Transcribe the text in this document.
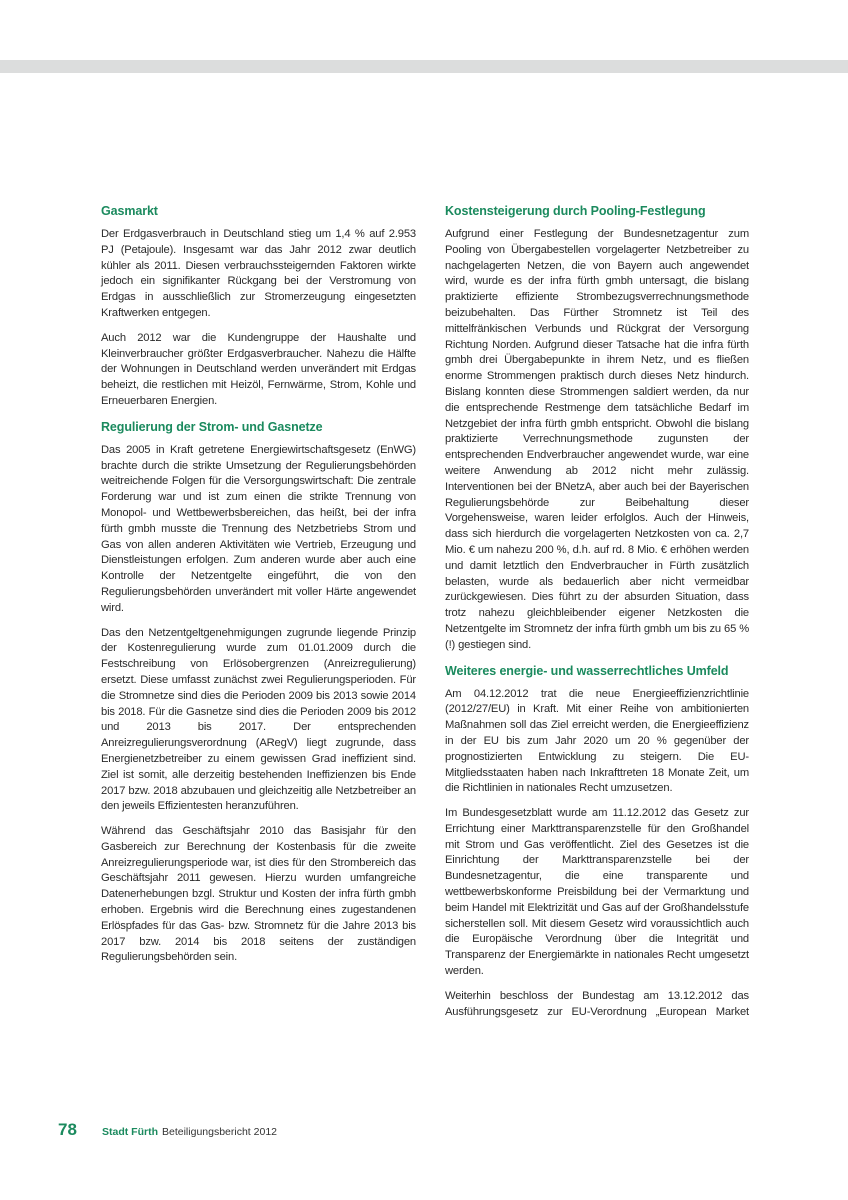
Gasmarkt

Der Erdgasverbrauch in Deutschland stieg um 1,4 % auf 2.953 PJ (Petajoule). Insgesamt war das Jahr 2012 zwar deutlich kühler als 2011. Diesen verbrauchssteigernden Faktoren wirkte jedoch ein signifikanter Rückgang bei der Verstromung von Erdgas in ausschließlich zur Stromerzeugung eingesetzten Kraftwerken entgegen.

Auch 2012 war die Kundengruppe der Haushalte und Kleinverbraucher größter Erdgasverbraucher. Nahezu die Hälfte der Wohnungen in Deutschland werden unverändert mit Erdgas beheizt, die restlichen mit Heizöl, Fernwärme, Strom, Kohle und Erneuerbaren Energien.

Regulierung der Strom- und Gasnetze

Das 2005 in Kraft getretene Energiewirtschaftsgesetz (EnWG) brachte durch die strikte Umsetzung der Regulierungsbehörden weitreichende Folgen für die Versorgungswirtschaft: Die zentrale Forderung war und ist zum einen die strikte Trennung von Monopol- und Wettbewerbsbereichen, das heißt, bei der infra fürth gmbh musste die Trennung des Netzbetriebs Strom und Gas von allen anderen Aktivitäten wie Vertrieb, Erzeugung und Dienstleistungen erfolgen. Zum anderen wurde aber auch eine Kontrolle der Netzentgelte eingeführt, die von den Regulierungsbehörden unverändert mit voller Härte angewendet wird.

Das den Netzentgeltgenehmigungen zugrunde liegende Prinzip der Kostenregulierung wurde zum 01.01.2009 durch die Festschreibung von Erlösobergrenzen (Anreizregulierung) ersetzt. Diese umfasst zunächst zwei Regulierungsperioden. Für die Stromnetze sind dies die Perioden 2009 bis 2013 sowie 2014 bis 2018. Für die Gasnetze sind dies die Perioden 2009 bis 2012 und 2013 bis 2017. Der entsprechenden Anreizregulierungsverordnung (ARegV) liegt zugrunde, dass Energienetzbetreiber zu einem gewissen Grad ineffizient sind. Ziel ist somit, alle derzeitig bestehenden Ineffizienzen bis Ende 2017 bzw. 2018 abzubauen und gleichzeitig alle Netzbetreiber an den jeweils Effizientesten heranzuführen.

Während das Geschäftsjahr 2010 das Basisjahr für den Gasbereich zur Berechnung der Kostenbasis für die zweite Anreizregulierungsperiode war, ist dies für den Strombereich das Geschäftsjahr 2011 gewesen. Hierzu wurden umfangreiche Datenerhebungen bzgl. Struktur und Kosten der infra fürth gmbh erhoben. Ergebnis wird die Berechnung eines zugestandenen Erlöspfades für das Gas- bzw. Stromnetz für die Jahre 2013 bis 2017 bzw. 2014 bis 2018 seitens der zuständigen Regulierungsbehörden sein.

Kostensteigerung durch Pooling-Festlegung

Aufgrund einer Festlegung der Bundesnetzagentur zum Pooling von Übergabestellen vorgelagerter Netzbetreiber zu nachgelagerten Netzen, die von Bayern auch angewendet wird, wurde es der infra fürth gmbh untersagt, die bislang praktizierte effiziente Strombezugsverrechnungsmethode beizubehalten. Das Fürther Stromnetz ist Teil des mittelfränkischen Verbunds und Rückgrat der Versorgung Richtung Norden. Aufgrund dieser Tatsache hat die infra fürth gmbh drei Übergabepunkte in ihrem Netz, und es fließen enorme Strommengen praktisch durch dieses Netz hindurch. Bislang konnten diese Strommengen saldiert werden, da nur die entsprechende Restmenge dem tatsächliche Bedarf im Netzgebiet der infra fürth gmbh entspricht. Obwohl die bislang praktizierte Verrechnungsmethode zugunsten der entsprechenden Endverbraucher angewendet wurde, war eine weitere Anwendung ab 2012 nicht mehr zulässig. Interventionen bei der BNetzA, aber auch bei der Bayerischen Regulierungsbehörde zur Beibehaltung dieser Vorgehensweise, waren leider erfolglos. Auch der Hinweis, dass sich hierdurch die vorgelagerten Netzkosten von ca. 2,7 Mio. € um nahezu 200 %, d.h. auf rd. 8 Mio. € erhöhen werden und damit letztlich den Endverbraucher in Fürth zusätzlich belasten, wurde als bedauerlich aber nicht vermeidbar zurückgewiesen. Dies führt zu der absurden Situation, dass trotz nahezu gleichbleibender eigener Netzkosten die Netzentgelte im Stromnetz der infra fürth gmbh um bis zu 65 % (!) gestiegen sind.

Weiteres energie- und wasserrechtliches Umfeld

Am 04.12.2012 trat die neue Energieeffizienzrichtlinie (2012/27/EU) in Kraft. Mit einer Reihe von ambitionierten Maßnahmen soll das Ziel erreicht werden, die Energieeffizienz in der EU bis zum Jahr 2020 um 20 % gegenüber der prognostizierten Entwicklung zu steigern. Die EU-Mitgliedsstaaten haben nach Inkrafttreten 18 Monate Zeit, um die Richtlinien in nationales Recht umzusetzen.

Im Bundesgesetzblatt wurde am 11.12.2012 das Gesetz zur Errichtung einer Markttransparenzstelle für den Großhandel mit Strom und Gas veröffentlicht. Ziel des Gesetzes ist die Einrichtung der Markttransparenzstelle bei der Bundesnetzagentur, die eine transparente und wettbewerbskonforme Preisbildung bei der Vermarktung und beim Handel mit Elektrizität und Gas auf der Großhandelsstufe sicherstellen soll. Mit diesem Gesetz wird voraussichtlich auch die Europäische Verordnung über die Integrität und Transparenz der Energiemärkte in nationales Recht umgesetzt werden.

Weiterhin beschloss der Bundestag am 13.12.2012 das Ausführungsgesetz zur EU-Verordnung „European Market

78	Stadt Fürth Beteiligungsbericht 2012
